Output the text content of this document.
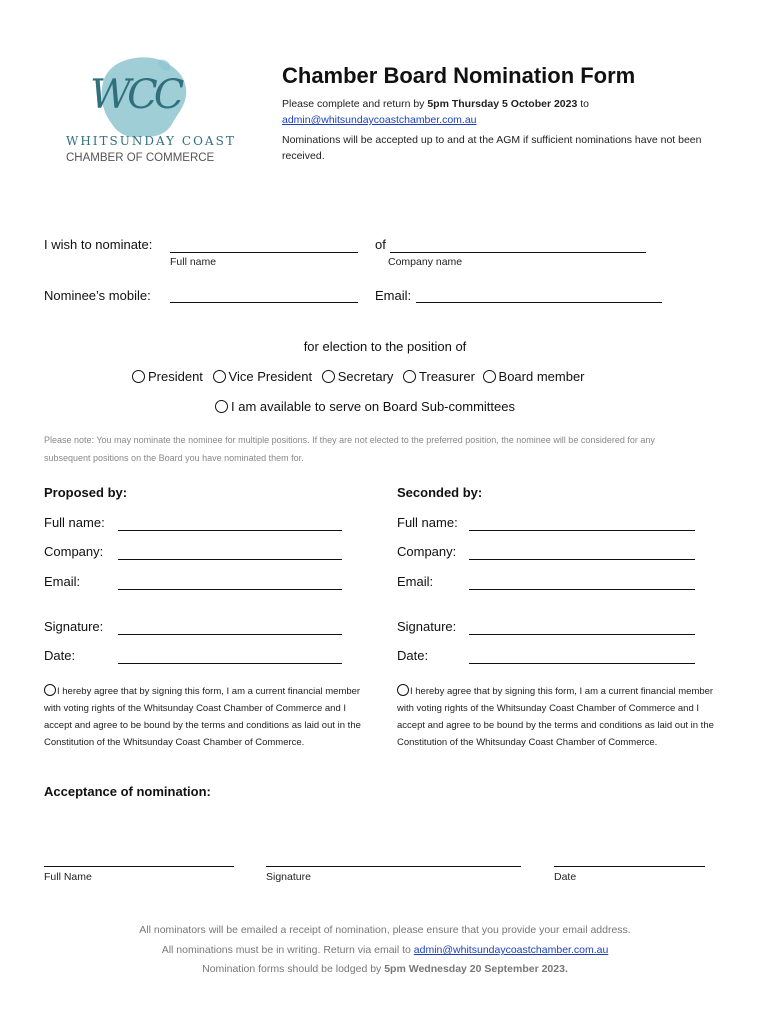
WCC
WHITSUNDAY COAST
CHAMBER OF COMMERCE
Chamber Board Nomination Form
Please complete and return by 5pm Thursday 5 October 2023 to
admin@whitsundaycoastchamber.com.au
Nominations will be accepted up to and at the AGM if sufficient nominations have not been received.
I wish to nominate:
Full name
of
Company name
Nominee’s mobile:	Email:
for election to the position of
President Vice President Secretary Treasurer Board member
I am available to serve on Board Sub-committees
Please note: You may nominate the nominee for multiple positions. If they are not elected to the preferred position, the nominee will be considered for any subsequent positions on the Board you have nominated them for.
Proposed by:
Full name:
Company:
Email:
Signature:
Date:
I hereby agree that by signing this form, I am a current financial member with voting rights of the Whitsunday Coast Chamber of Commerce and I accept and agree to be bound by the terms and conditions as laid out in the Constitution of the Whitsunday Coast Chamber of Commerce.
Seconded by:
Full name:
Company:
Email:
Signature:
Date:
I hereby agree that by signing this form, I am a current financial member with voting rights of the Whitsunday Coast Chamber of Commerce and I accept and agree to be bound by the terms and conditions as laid out in the Constitution of the Whitsunday Coast Chamber of Commerce.
Acceptance of nomination:
Full Name	Signature	Date
All nominators will be emailed a receipt of nomination, please ensure that you provide your email address.
All nominations must be in writing. Return via email to admin@whitsundaycoastchamber.com.au
Nomination forms should be lodged by 5pm Wednesday 20 September 2023.
